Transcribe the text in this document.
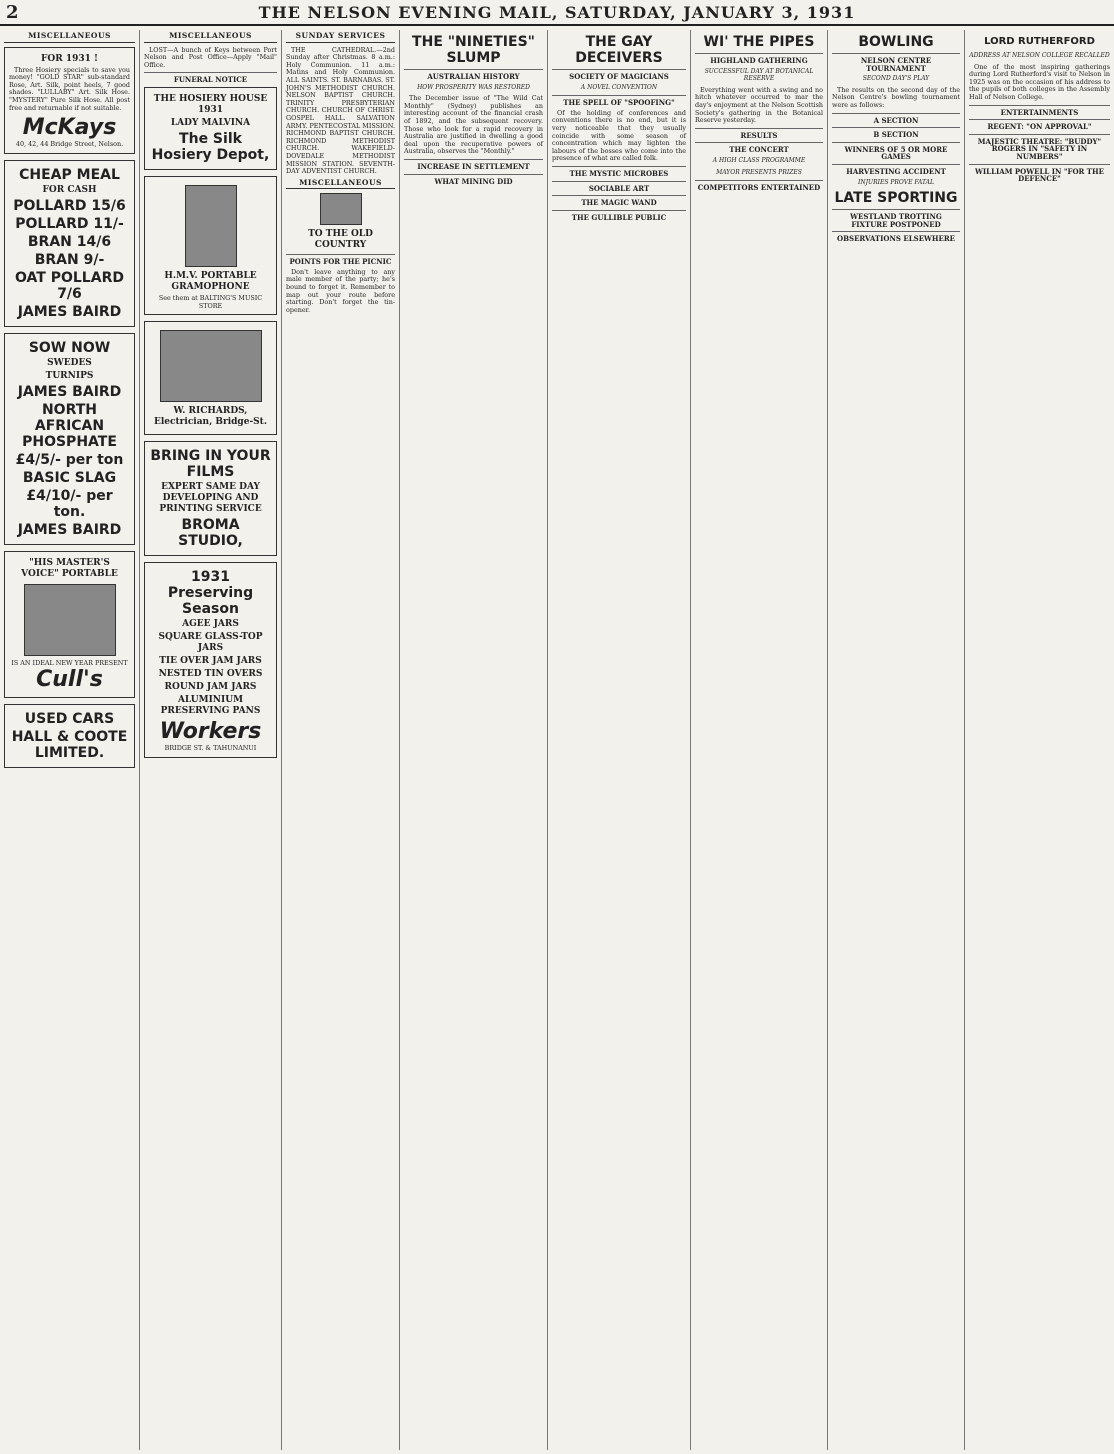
2	THE NELSON EVENING MAIL, SATURDAY, JANUARY 3, 1931
MISCELLANEOUS
FOR 1931 !
Three Hosiery specials to save you money! "GOLD STAR" sub-standard Rose, Art. Silk, point heels, 7 good shades. "LULLABY" Art. Silk Hose. "MYSTERY" Pure Silk Hose. All post free and returnable if not suitable.
McKays
40, 42, 44 Bridge Street, Nelson.
CHEAP MEAL
FOR CASH
POLLARD 15/6
POLLARD 11/-
BRAN 14/6
BRAN 9/-
OAT POLLARD 7/6
JAMES BAIRD
SOW NOW
SWEDES
TURNIPS
JAMES BAIRD
NORTH AFRICAN PHOSPHATE
£4/5/- per ton
BASIC SLAG
£4/10/- per ton.
JAMES BAIRD
"HIS MASTER'S VOICE" PORTABLE
IS AN IDEAL NEW YEAR PRESENT
Cull's
USED CARS
HALL & COOTE LIMITED.
MISCELLANEOUS
LOST—A bunch of Keys between Port Nelson and Post Office—Apply "Mail" Office.
FUNERAL NOTICE
THE HOSIERY HOUSE 1931
LADY MALVINA
The Silk Hosiery Depot,
H.M.V. PORTABLE GRAMOPHONE
See them at BALTING'S MUSIC STORE
W. RICHARDS, Electrician, Bridge-St.
BRING IN YOUR FILMS
EXPERT SAME DAY DEVELOPING AND PRINTING SERVICE
BROMA STUDIO,
1931 Preserving Season
AGEE JARS
SQUARE GLASS-TOP JARS
TIE OVER JAM JARS
NESTED TIN OVERS
ROUND JAM JARS
ALUMINIUM PRESERVING PANS
Workers
BRIDGE ST. & TAHUNANUI
SUNDAY SERVICES
THE CATHEDRAL.—2nd Sunday after Christmas. 8 a.m.: Holy Communion. 11 a.m.: Matins and Holy Communion. ALL SAINTS. ST. BARNABAS. ST. JOHN'S METHODIST CHURCH. NELSON BAPTIST CHURCH. TRINITY PRESBYTERIAN CHURCH. CHURCH OF CHRIST. GOSPEL HALL. SALVATION ARMY. PENTECOSTAL MISSION. RICHMOND BAPTIST CHURCH. RICHMOND METHODIST CHURCH. WAKEFIELD-DOVEDALE METHODIST MISSION STATION. SEVENTH-DAY ADVENTIST CHURCH.
MISCELLANEOUS
TO THE OLD COUNTRY
POINTS FOR THE PICNIC
Don't leave anything to any male member of the party; he's bound to forget it. Remember to map out your route before starting. Don't forget the tin-opener.
THE "NINETIES" SLUMP
AUSTRALIAN HISTORY
HOW PROSPERITY WAS RESTORED
The December issue of "The Wild Cat Monthly" (Sydney) publishes an interesting account of the financial crash of 1892, and the subsequent recovery. Those who look for a rapid recovery in Australia are justified in dwelling a good deal upon the recuperative powers of Australia, observes the "Monthly."
INCREASE IN SETTLEMENT
WHAT MINING DID
THE GAY DECEIVERS
SOCIETY OF MAGICIANS
A NOVEL CONVENTION
THE SPELL OF "SPOOFING"
Of the holding of conferences and conventions there is no end, but it is very noticeable that they usually coincide with some season of concentration which may lighten the labours of the bosses who come into the presence of what are called folk.
THE MYSTIC MICROBES
SOCIABLE ART
THE MAGIC WAND
THE GULLIBLE PUBLIC
WI' THE PIPES
HIGHLAND GATHERING
SUCCESSFUL DAY AT BOTANICAL RESERVE
Everything went with a swing and no hitch whatever occurred to mar the day's enjoyment at the Nelson Scottish Society's gathering in the Botanical Reserve yesterday.
RESULTS
THE CONCERT
A HIGH CLASS PROGRAMME
MAYOR PRESENTS PRIZES
COMPETITORS ENTERTAINED
BOWLING
NELSON CENTRE TOURNAMENT
SECOND DAY'S PLAY
The results on the second day of the Nelson Centre's bowling tournament were as follows:
A SECTION
B SECTION
WINNERS OF 5 OR MORE GAMES
HARVESTING ACCIDENT
INJURIES PROVE FATAL
LATE SPORTING
WESTLAND TROTTING FIXTURE POSTPONED
OBSERVATIONS ELSEWHERE
LORD RUTHERFORD
ADDRESS AT NELSON COLLEGE RECALLED
One of the most inspiring gatherings during Lord Rutherford's visit to Nelson in 1925 was on the occasion of his address to the pupils of both colleges in the Assembly Hall of Nelson College.
ENTERTAINMENTS
REGENT: "ON APPROVAL"
MAJESTIC THEATRE: "BUDDY" ROGERS IN "SAFETY IN NUMBERS"
WILLIAM POWELL IN "FOR THE DEFENCE"
